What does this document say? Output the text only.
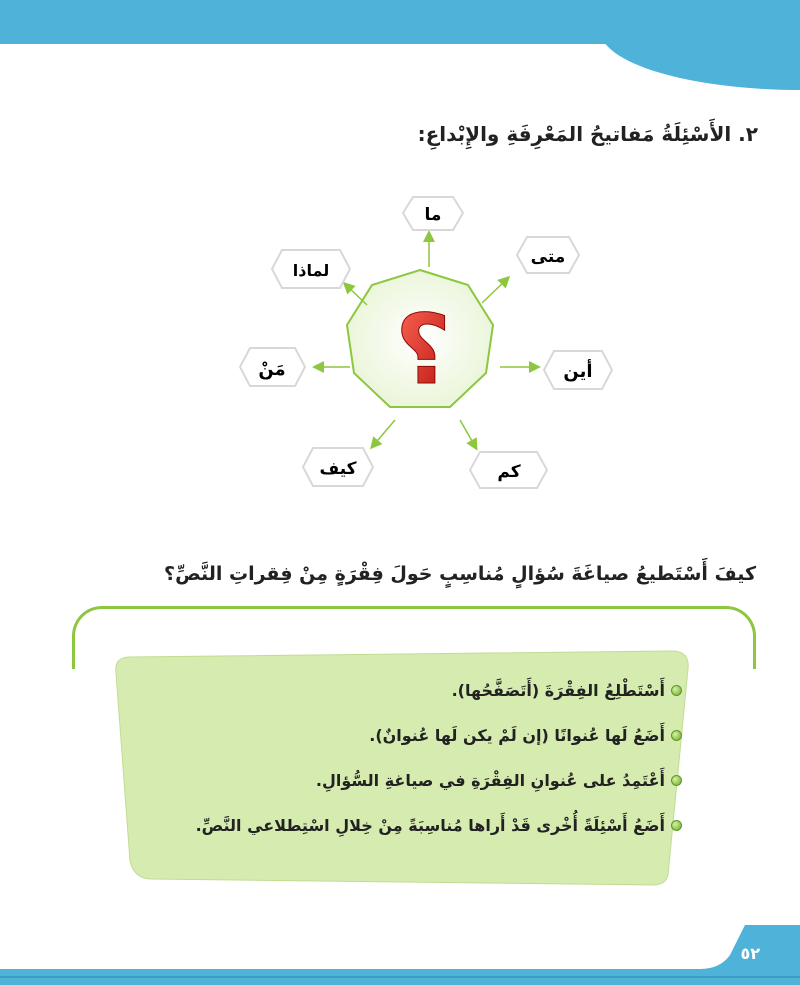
٢. الأَسْئِلَةُ مَفاتيحُ المَعْرِفَةِ والإِبْداعِ:
؟
ما
متى
أين
كم
كيف
مَنْ
لماذا
كيفَ أَسْتَطيعُ صياغَةَ سُؤالٍ مُناسِبٍ حَولَ فِقْرَةٍ مِنْ فِقراتِ النَّصِّ؟
أَسْتَطْلِعُ الفِقْرَةَ (أَتَصَفَّحُها).
أَضَعُ لَها عُنوانًا (إن لَمْ يكن لَها عُنوانٌ).
أَعْتَمِدُ على عُنوانِ الفِقْرَةِ في صياغةِ السُّؤالِ.
أَضَعُ أَسْئِلَةً أُخْرى قَدْ أَراها مُناسِبَةً مِنْ خِلالِ اسْتِطلاعي النَّصِّ.
٥٢
